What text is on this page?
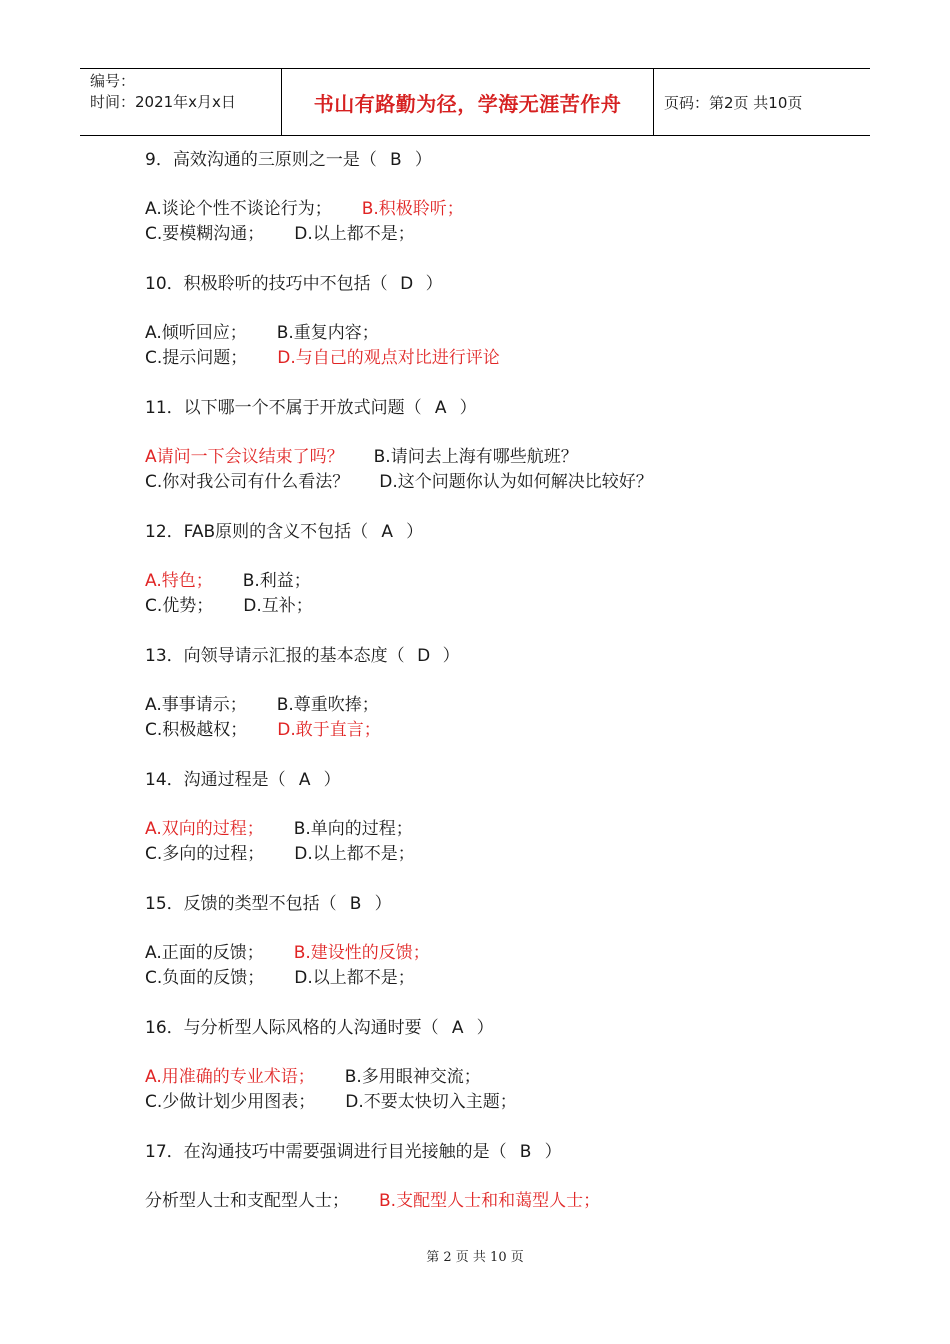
编号：
时间：2021年x月x日	书山有路勤为径，学海无涯苦作舟	页码：第2页 共10页
9．高效沟通的三原则之一是（ B ）
A.谈论个性不谈论行为； B.积极聆听；
C.要模糊沟通； D.以上都不是；
10．积极聆听的技巧中不包括（ D ）
A.倾听回应； B.重复内容；
C.提示问题； D.与自己的观点对比进行评论
11．以下哪一个不属于开放式问题（ A ）
A请问一下会议结束了吗？ B.请问去上海有哪些航班？
C.你对我公司有什么看法？ D.这个问题你认为如何解决比较好？
12．FAB原则的含义不包括（ A ）
A.特色； B.利益；
C.优势； D.互补；
13．向领导请示汇报的基本态度（ D ）
A.事事请示； B.尊重吹捧；
C.积极越权； D.敢于直言；
14．沟通过程是（ A ）
A.双向的过程； B.单向的过程；
C.多向的过程； D.以上都不是；
15．反馈的类型不包括（ B ）
A.正面的反馈； B.建设性的反馈；
C.负面的反馈； D.以上都不是；
16．与分析型人际风格的人沟通时要（ A ）
A.用准确的专业术语； B.多用眼神交流；
C.少做计划少用图表； D.不要太快切入主题；
17．在沟通技巧中需要强调进行目光接触的是（ B ）
分析型人士和支配型人士； B.支配型人士和和蔼型人士；
第 2 页 共 10 页
